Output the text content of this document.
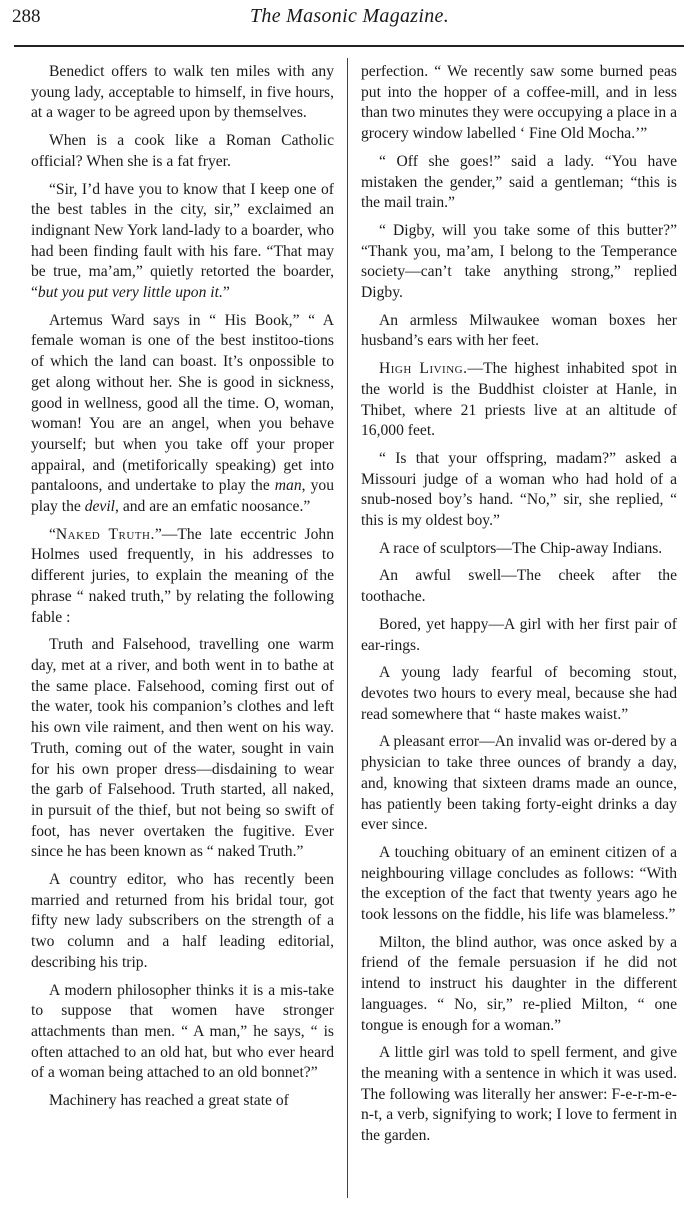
288	The Masonic Magazine.

Benedict offers to walk ten miles with any young lady, acceptable to himself, in five hours, at a wager to be agreed upon by themselves.

When is a cook like a Roman Catholic official? When she is a fat fryer.

“Sir, I’d have you to know that I keep one of the best tables in the city, sir,” exclaimed an indignant New York land-lady to a boarder, who had been finding fault with his fare. “That may be true, ma’am,” quietly retorted the boarder, “but you put very little upon it.”

Artemus Ward says in “ His Book,” “ A female woman is one of the best institoo-tions of which the land can boast. It’s onpossible to get along without her. She is good in sickness, good in wellness, good all the time. O, woman, woman! You are an angel, when you behave yourself; but when you take off your proper appairal, and (metiforically speaking) get into pantaloons, and undertake to play the man, you play the devil, and are an emfatic noosance.”

“Naked Truth.”—The late eccentric John Holmes used frequently, in his addresses to different juries, to explain the meaning of the phrase “ naked truth,” by relating the following fable :

Truth and Falsehood, travelling one warm day, met at a river, and both went in to bathe at the same place. Falsehood, coming first out of the water, took his companion’s clothes and left his own vile raiment, and then went on his way. Truth, coming out of the water, sought in vain for his own proper dress—disdaining to wear the garb of Falsehood. Truth started, all naked, in pursuit of the thief, but not being so swift of foot, has never overtaken the fugitive. Ever since he has been known as “ naked Truth.”

A country editor, who has recently been married and returned from his bridal tour, got fifty new lady subscribers on the strength of a two column and a half leading editorial, describing his trip.

A modern philosopher thinks it is a mis-take to suppose that women have stronger attachments than men. “ A man,” he says, “ is often attached to an old hat, but who ever heard of a woman being attached to an old bonnet?”

Machinery has reached a great state of

perfection. “ We recently saw some burned peas put into the hopper of a coffee-mill, and in less than two minutes they were occupying a place in a grocery window labelled ‘ Fine Old Mocha.’”

“ Off she goes!” said a lady. “You have mistaken the gender,” said a gentleman; “this is the mail train.”

“ Digby, will you take some of this butter?” “Thank you, ma’am, I belong to the Temperance society—can’t take anything strong,” replied Digby.

An armless Milwaukee woman boxes her husband’s ears with her feet.

High Living.—The highest inhabited spot in the world is the Buddhist cloister at Hanle, in Thibet, where 21 priests live at an altitude of 16,000 feet.

“ Is that your offspring, madam?” asked a Missouri judge of a woman who had hold of a snub-nosed boy’s hand. “No,” sir, she replied, “ this is my oldest boy.”

A race of sculptors—The Chip-away Indians.

An awful swell—The cheek after the toothache.

Bored, yet happy—A girl with her first pair of ear-rings.

A young lady fearful of becoming stout, devotes two hours to every meal, because she had read somewhere that “ haste makes waist.”

A pleasant error—An invalid was or-dered by a physician to take three ounces of brandy a day, and, knowing that sixteen drams made an ounce, has patiently been taking forty-eight drinks a day ever since.

A touching obituary of an eminent citizen of a neighbouring village concludes as follows: “With the exception of the fact that twenty years ago he took lessons on the fiddle, his life was blameless.”

Milton, the blind author, was once asked by a friend of the female persuasion if he did not intend to instruct his daughter in the different languages. “ No, sir,” re-plied Milton, “ one tongue is enough for a woman.”

A little girl was told to spell ferment, and give the meaning with a sentence in which it was used. The following was literally her answer: F-e-r-m-e-n-t, a verb, signifying to work; I love to ferment in the garden.
